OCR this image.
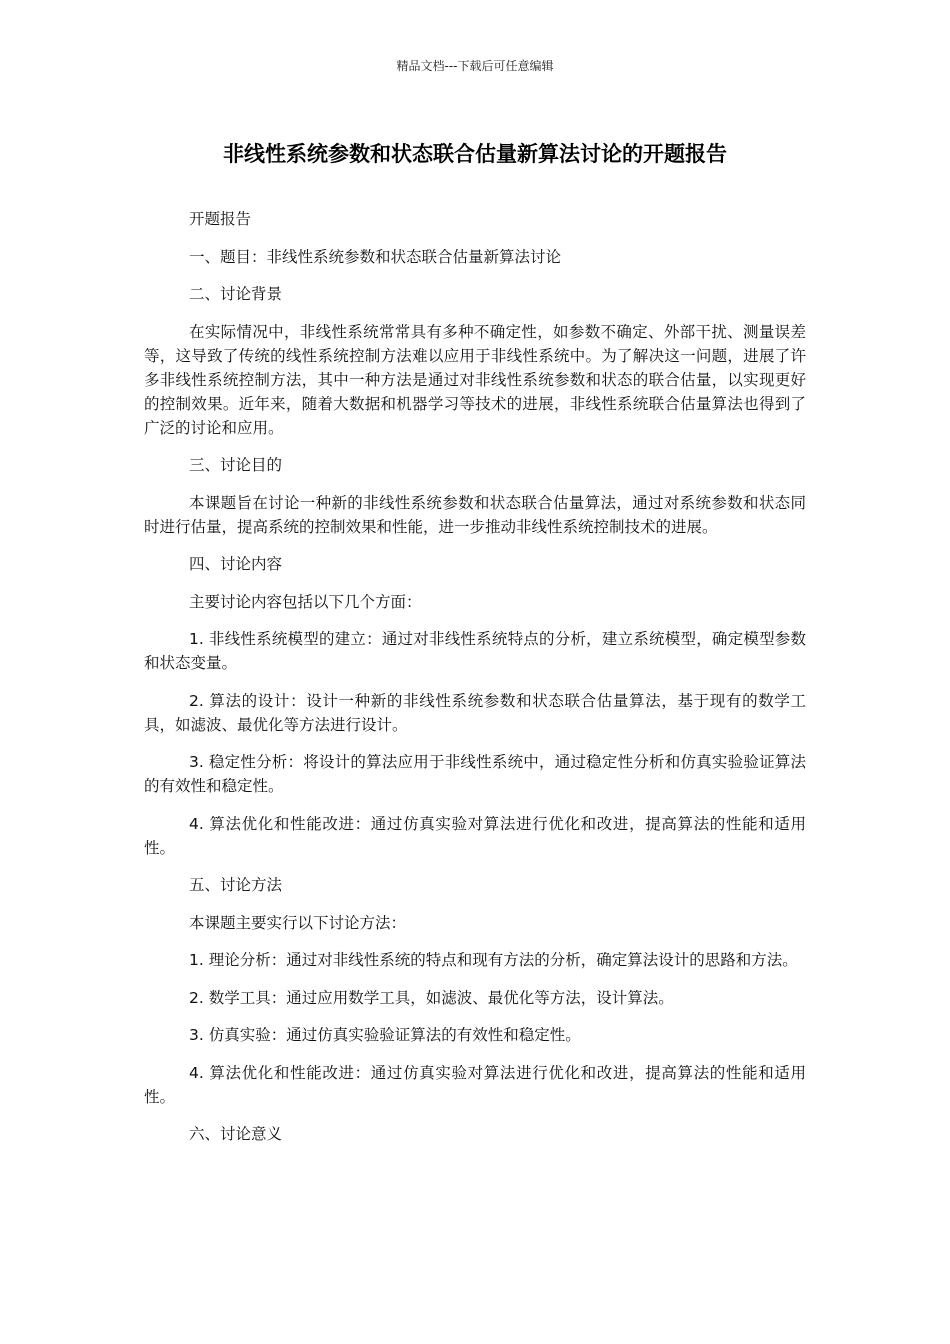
精品文档---下载后可任意编辑
非线性系统参数和状态联合估量新算法讨论的开题报告

开题报告

一、题目：非线性系统参数和状态联合估量新算法讨论

二、讨论背景

在实际情况中，非线性系统常常具有多种不确定性，如参数不确定、外部干扰、测量误差等，这导致了传统的线性系统控制方法难以应用于非线性系统中。为了解决这一问题，进展了许多非线性系统控制方法，其中一种方法是通过对非线性系统参数和状态的联合估量，以实现更好的控制效果。近年来，随着大数据和机器学习等技术的进展，非线性系统联合估量算法也得到了广泛的讨论和应用。

三、讨论目的

本课题旨在讨论一种新的非线性系统参数和状态联合估量算法，通过对系统参数和状态同时进行估量，提高系统的控制效果和性能，进一步推动非线性系统控制技术的进展。

四、讨论内容

主要讨论内容包括以下几个方面：

1. 非线性系统模型的建立：通过对非线性系统特点的分析，建立系统模型，确定模型参数和状态变量。

2. 算法的设计：设计一种新的非线性系统参数和状态联合估量算法，基于现有的数学工具，如滤波、最优化等方法进行设计。

3. 稳定性分析：将设计的算法应用于非线性系统中，通过稳定性分析和仿真实验验证算法的有效性和稳定性。

4. 算法优化和性能改进：通过仿真实验对算法进行优化和改进，提高算法的性能和适用性。

五、讨论方法

本课题主要实行以下讨论方法：

1. 理论分析：通过对非线性系统的特点和现有方法的分析，确定算法设计的思路和方法。

2. 数学工具：通过应用数学工具，如滤波、最优化等方法，设计算法。

3. 仿真实验：通过仿真实验验证算法的有效性和稳定性。

4. 算法优化和性能改进：通过仿真实验对算法进行优化和改进，提高算法的性能和适用性。

六、讨论意义
